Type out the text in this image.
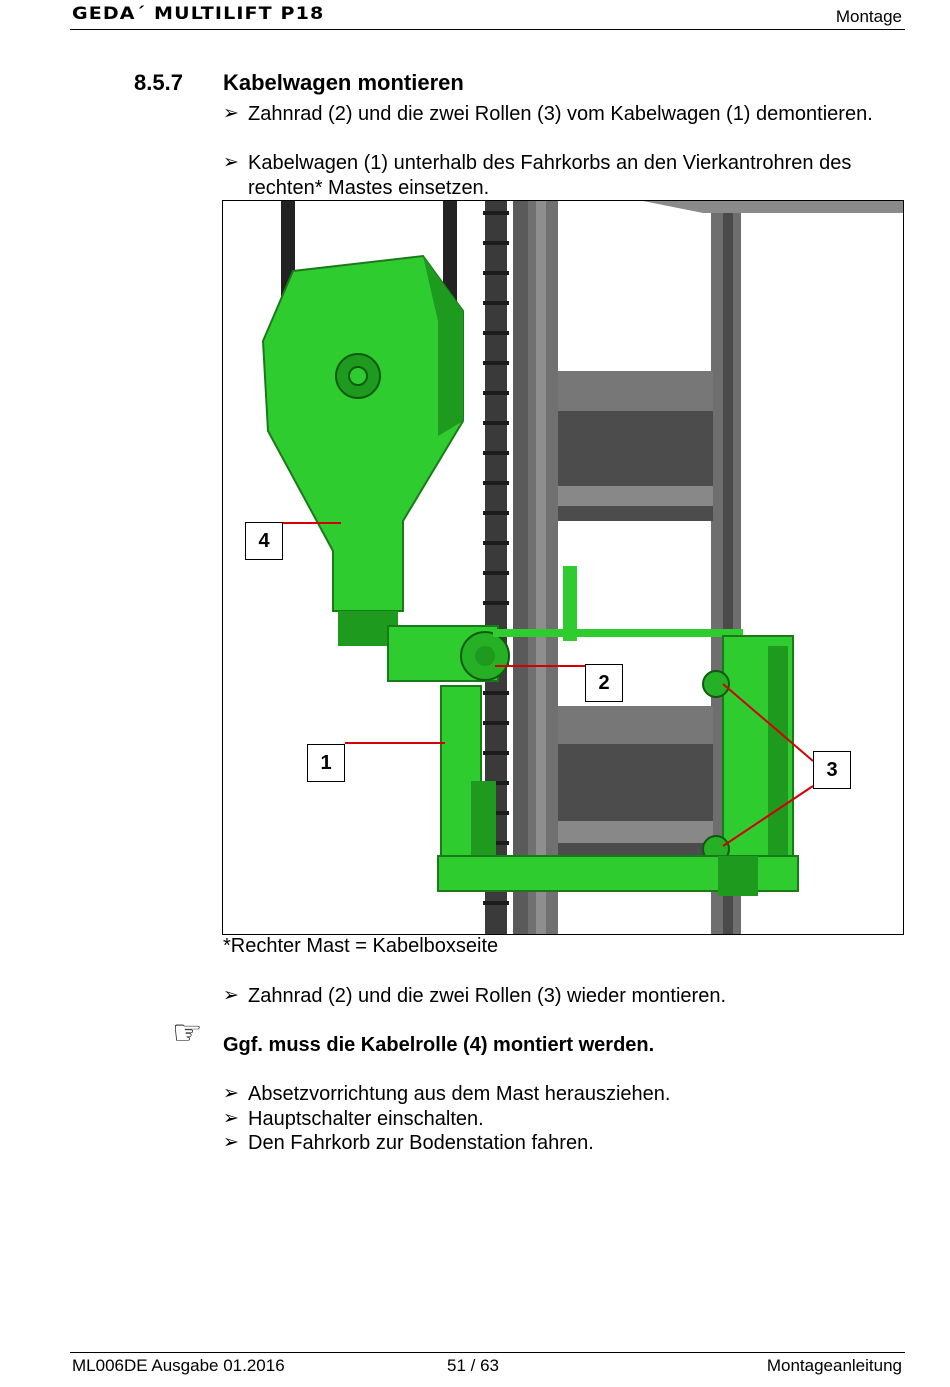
GEDA´ MULTILIFT P18	Montage
8.5.7 Kabelwagen montieren
➢ Zahnrad (2) und die zwei Rollen (3) vom Kabelwagen (1) demontieren.
➢ Kabelwagen (1) unterhalb des Fahrkorbs an den Vierkantrohren des rechten* Mastes einsetzen.
4
2
1	3
*Rechter Mast = Kabelboxseite
➢ Zahnrad (2) und die zwei Rollen (3) wieder montieren.
☞ Ggf. muss die Kabelrolle (4) montiert werden.
➢ Absetzvorrichtung aus dem Mast herausziehen.
➢ Hauptschalter einschalten.
➢ Den Fahrkorb zur Bodenstation fahren.
ML006DE Ausgabe 01.2016	51 / 63	Montageanleitung
